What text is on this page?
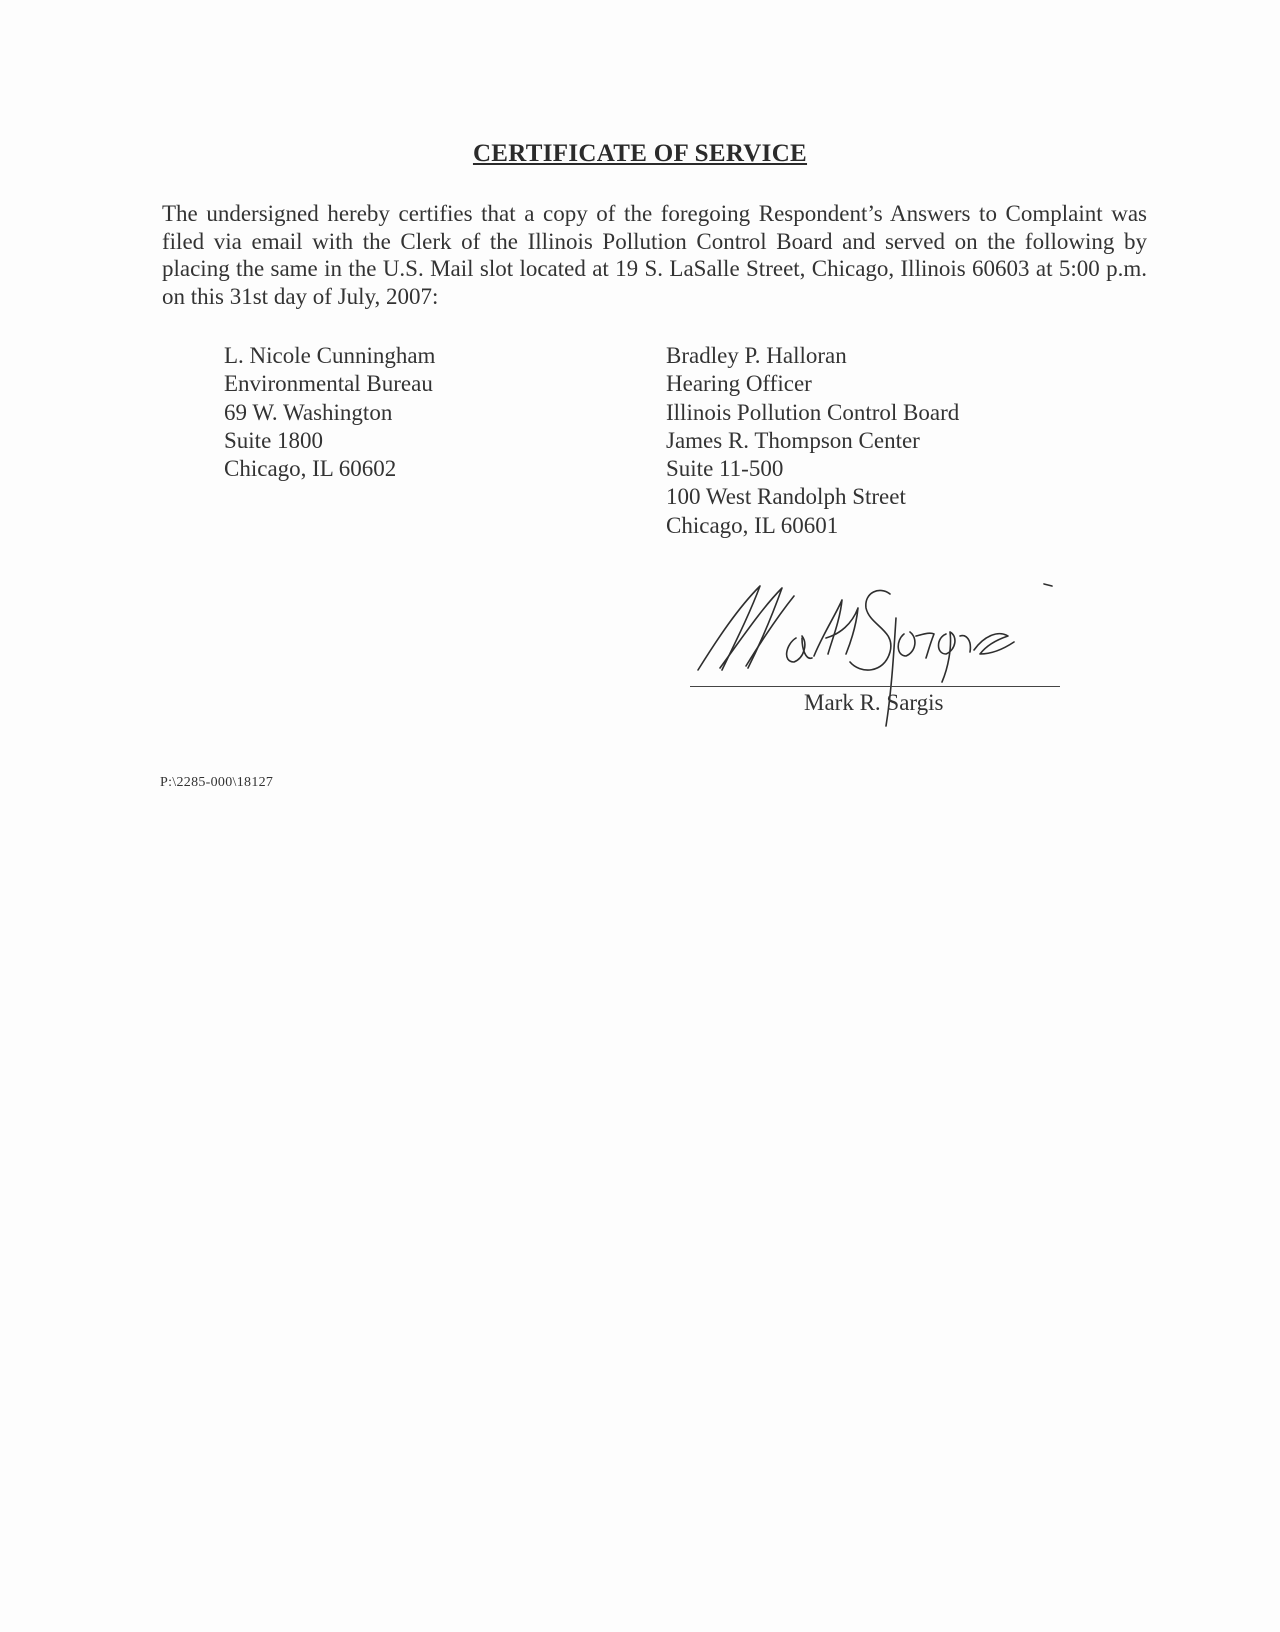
CERTIFICATE OF SERVICE
The undersigned hereby certifies that a copy of the foregoing Respondent’s Answers to Complaint was filed via email with the Clerk of the Illinois Pollution Control Board and served on the following by placing the same in the U.S. Mail slot located at 19 S. LaSalle Street, Chicago, Illinois 60603 at 5:00 p.m. on this 31st day of July, 2007:
L. Nicole Cunningham
Environmental Bureau
69 W. Washington
Suite 1800
Chicago, IL 60602
Bradley P. Halloran
Hearing Officer
Illinois Pollution Control Board
James R. Thompson Center
Suite 11-500
100 West Randolph Street
Chicago, IL 60601
Mark R. Sargis
P:\2285-000\18127
